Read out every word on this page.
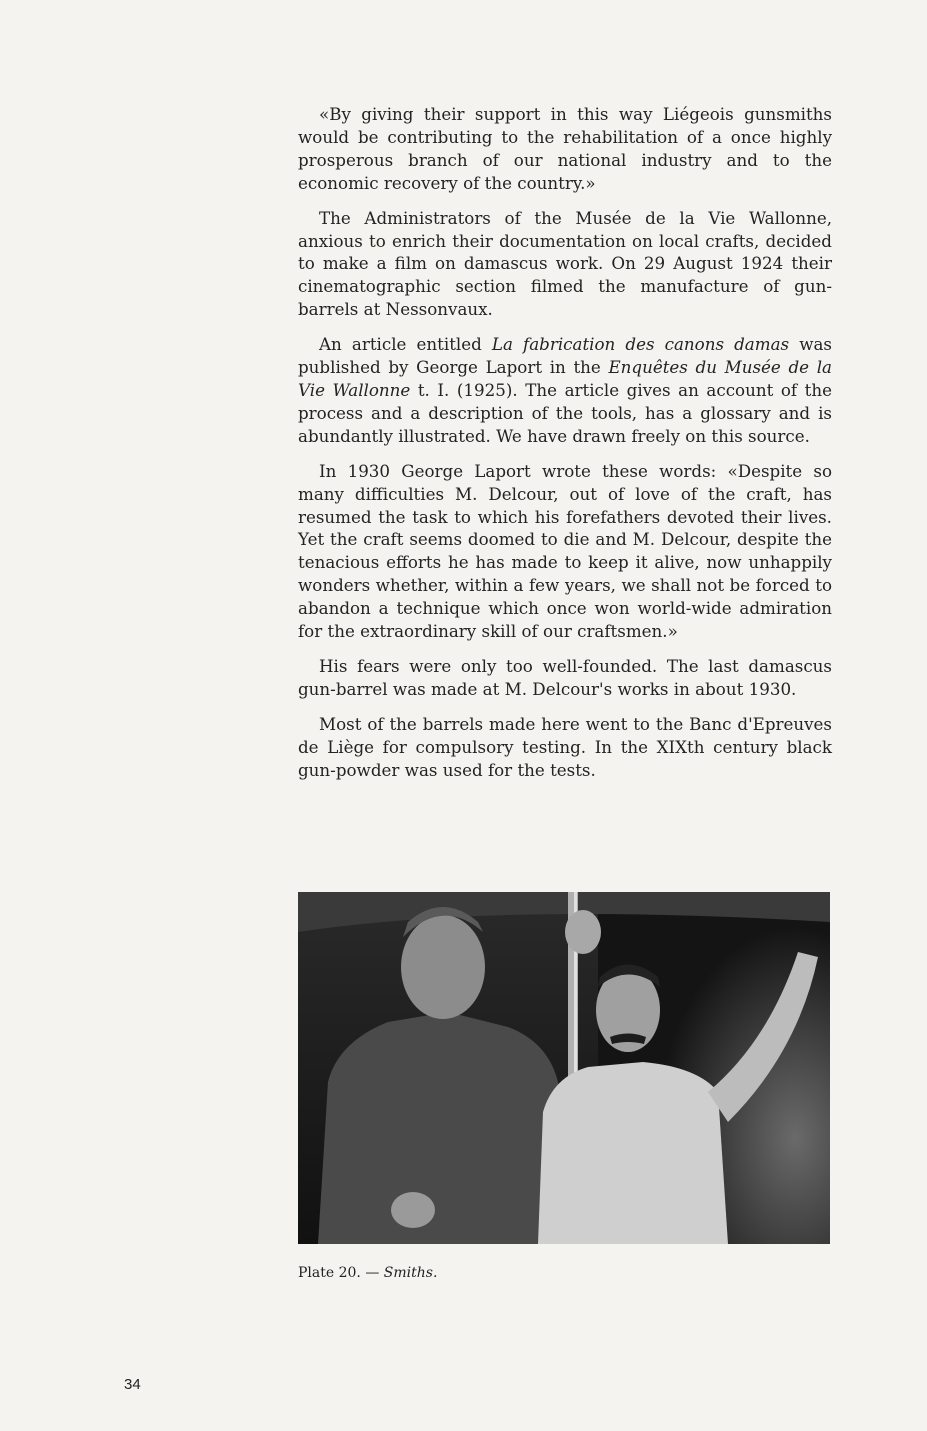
«By giving their support in this way Liégeois gunsmiths would be contributing to the rehabilitation of a once highly prosperous branch of our national industry and to the economic recovery of the country.»

The Administrators of the Musée de la Vie Wallonne, anxious to enrich their documentation on local crafts, decided to make a film on damascus work. On 29 August 1924 their cinematographic section filmed the manufacture of gun-barrels at Nessonvaux.

An article entitled La fabrication des canons damas was published by George Laport in the Enquêtes du Musée de la Vie Wallonne t. I. (1925). The article gives an account of the process and a description of the tools, has a glossary and is abundantly illustrated. We have drawn freely on this source.

In 1930 George Laport wrote these words: «Despite so many difficulties M. Delcour, out of love of the craft, has resumed the task to which his forefathers devoted their lives. Yet the craft seems doomed to die and M. Delcour, despite the tenacious efforts he has made to keep it alive, now unhappily wonders whether, within a few years, we shall not be forced to abandon a technique which once won world-wide admiration for the extraordinary skill of our craftsmen.»

His fears were only too well-founded. The last damascus gun-barrel was made at M. Delcour's works in about 1930.

Most of the barrels made here went to the Banc d'Epreuves de Liège for compulsory testing. In the XIXth century black gun-powder was used for the tests.

Plate 20. — Smiths.
34
